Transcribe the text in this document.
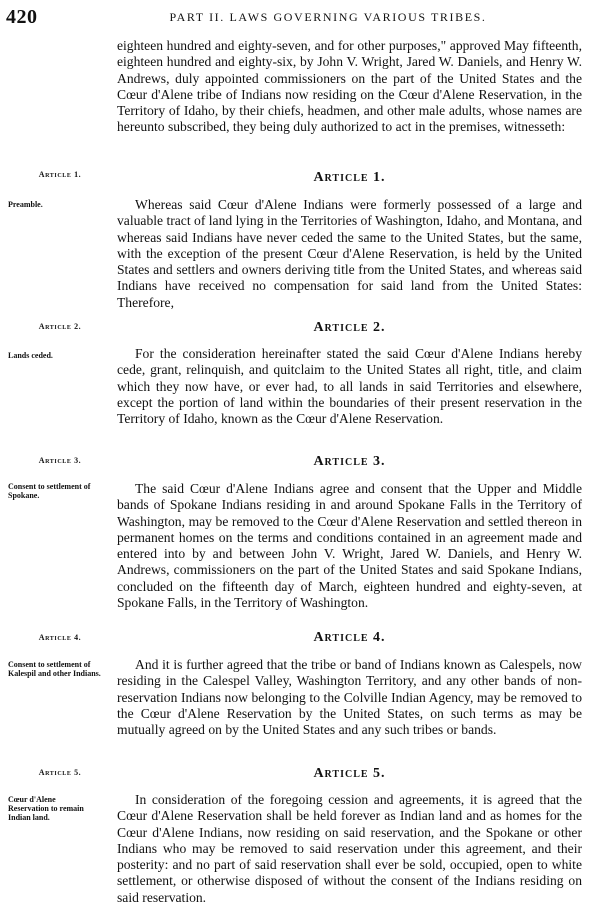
420	PART II. LAWS GOVERNING VARIOUS TRIBES.

eighteen hundred and eighty-seven, and for other purposes," approved May fifteenth, eighteen hundred and eighty-six, by John V. Wright, Jared W. Daniels, and Henry W. Andrews, duly appointed commissioners on the part of the United States and the Cœur d'Alene tribe of Indians now residing on the Cœur d'Alene Reservation, in the Territory of Idaho, by their chiefs, headmen, and other male adults, whose names are hereunto subscribed, they being duly authorized to act in the premises, witnesseth:

Article 1.	Article 1.
Preamble.	Whereas said Cœur d'Alene Indians were formerly possessed of a large and valuable tract of land lying in the Territories of Washington, Idaho, and Montana, and whereas said Indians have never ceded the same to the United States, but the same, with the exception of the present Cœur d'Alene Reservation, is held by the United States and settlers and owners deriving title from the United States, and whereas said Indians have received no compensation for said land from the United States: Therefore,

Article 2.	Article 2.
Lands ceded.	For the consideration hereinafter stated the said Cœur d'Alene Indians hereby cede, grant, relinquish, and quitclaim to the United States all right, title, and claim which they now have, or ever had, to all lands in said Territories and elsewhere, except the portion of land within the boundaries of their present reservation in the Territory of Idaho, known as the Cœur d'Alene Reservation.

Article 3.	Article 3.
Consent to settlement of Spokane.	The said Cœur d'Alene Indians agree and consent that the Upper and Middle bands of Spokane Indians residing in and around Spokane Falls in the Territory of Washington, may be removed to the Cœur d'Alene Reservation and settled thereon in permanent homes on the terms and conditions contained in an agreement made and entered into by and between John V. Wright, Jared W. Daniels, and Henry W. Andrews, commissioners on the part of the United States and said Spokane Indians, concluded on the fifteenth day of March, eighteen hundred and eighty-seven, at Spokane Falls, in the Territory of Washington.

Article 4.	Article 4.
Consent to settlement of Kalespil and other Indians.

And it is further agreed that the tribe or band of Indians known as Calespels, now residing in the Calespel Valley, Washington Territory, and any other bands of non-reservation Indians now belonging to the Colville Indian Agency, may be removed to the Cœur d'Alene Reservation by the United States, on such terms as may be mutually agreed on by the United States and any such tribes or bands.

Article 5.	Article 5.
Cœur d'Alene Reservation to remain Indian land.

In consideration of the foregoing cession and agreements, it is agreed that the Cœur d'Alene Reservation shall be held forever as Indian land and as homes for the Cœur d'Alene Indians, now residing on said reservation, and the Spokane or other Indians who may be removed to said reservation under this agreement, and their posterity: and no part of said reservation shall ever be sold, occupied, open to white settlement, or otherwise disposed of without the consent of the Indians residing on said reservation.
